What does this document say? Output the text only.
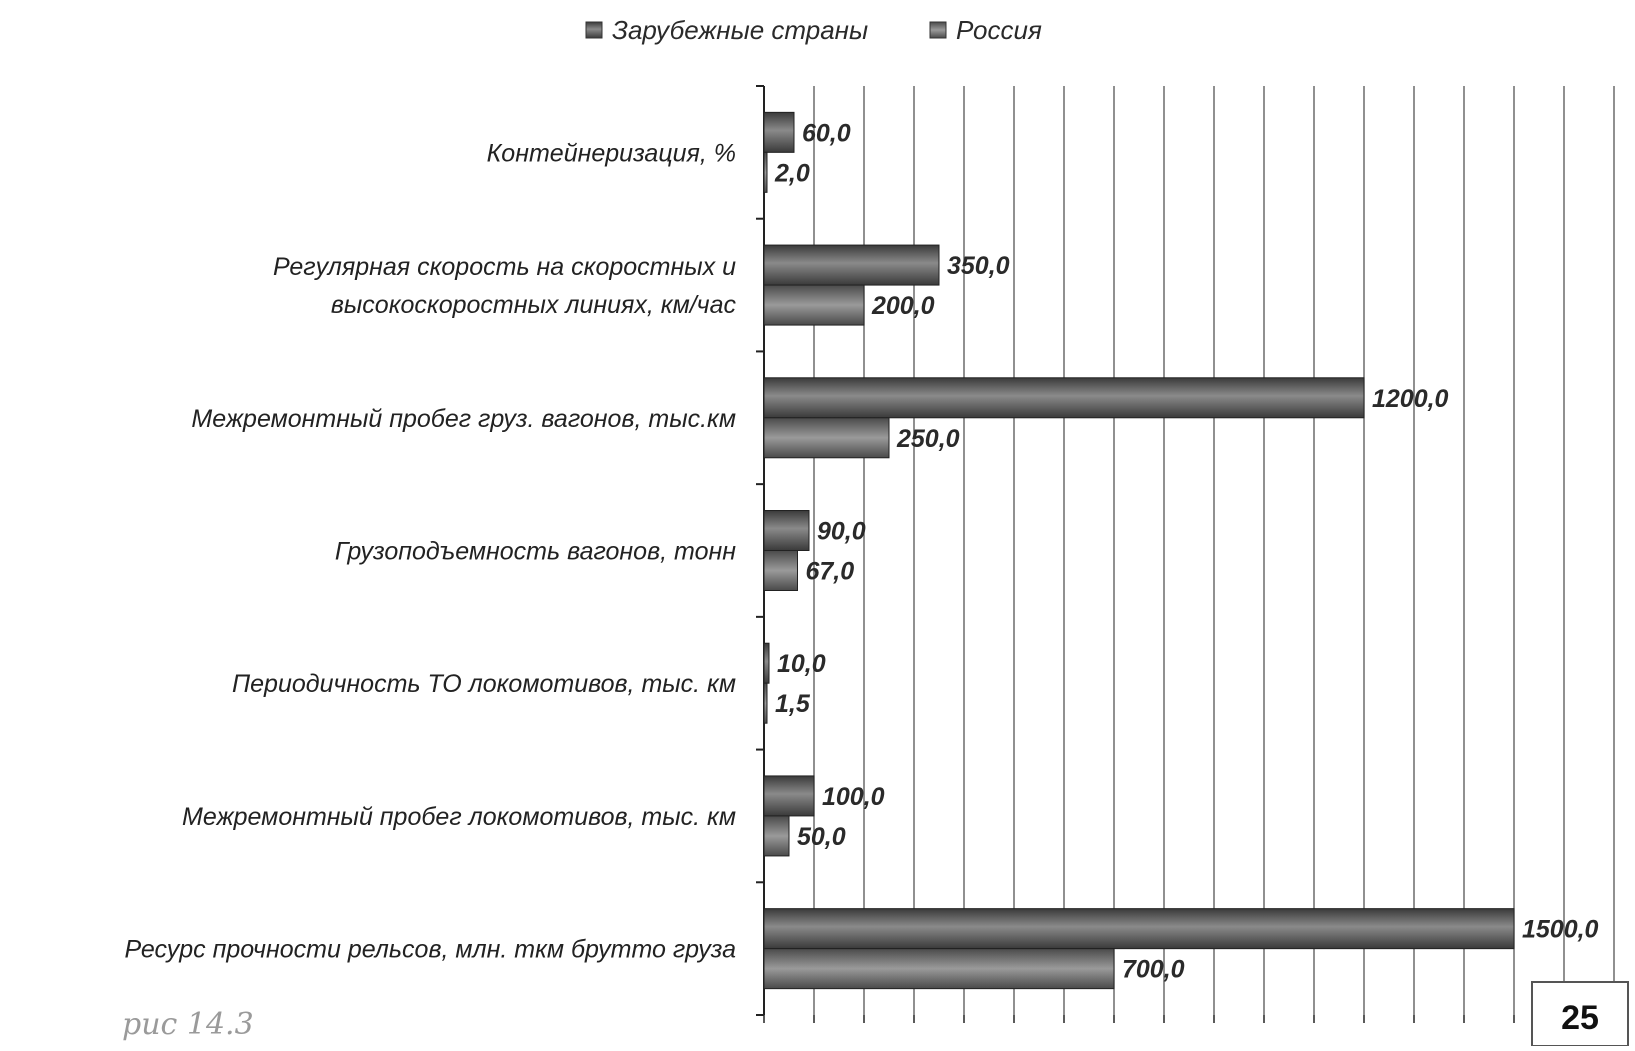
Зарубежные страны	Россия
Контейнеризация, %
Регулярная скорость на скоростных и
высокоскоростных линиях, км/час
Межремонтный пробег груз. вагонов, тыс.км
Грузоподъемность вагонов, тонн
Периодичность ТО локомотивов, тыс. км
Межремонтный пробег локомотивов, тыс. км
Ресурс прочности рельсов, млн. ткм брутто груза
60,0
2,0
350,0
200,0
1200,0
250,0
90,0
67,0
10,0
1,5
100,0
50,0
1500,0
700,0
рис 14.3	25
